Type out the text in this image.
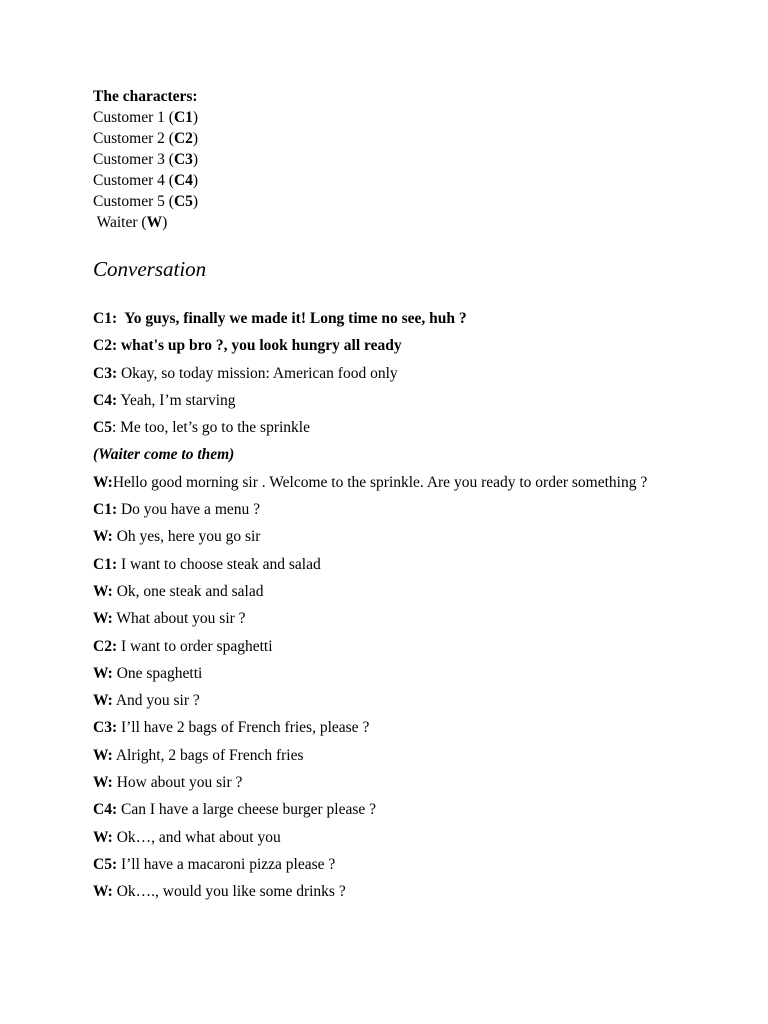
The characters:
Customer 1 (C1)
Customer 2 (C2)
Customer 3 (C3)
Customer 4 (C4)
Customer 5 (C5)
Waiter (W)
Conversation
C1:  Yo guys, finally we made it! Long time no see, huh ?
C2: what's up bro ?, you look hungry all ready
C3: Okay, so today mission: American food only
C4: Yeah, I’m starving
C5: Me too, let’s go to the sprinkle
(Waiter come to them)
W:Hello good morning sir . Welcome to the sprinkle. Are you ready to order something ?
C1: Do you have a menu ?
W: Oh yes, here you go sir
C1: I want to choose steak and salad
W: Ok, one steak and salad
W: What about you sir ?
C2: I want to order spaghetti
W: One spaghetti
W: And you sir ?
C3: I’ll have 2 bags of French fries, please ?
W: Alright, 2 bags of French fries
W: How about you sir ?
C4: Can I have a large cheese burger please ?
W: Ok…, and what about you
C5: I’ll have a macaroni pizza please ?
W: Ok…., would you like some drinks ?
